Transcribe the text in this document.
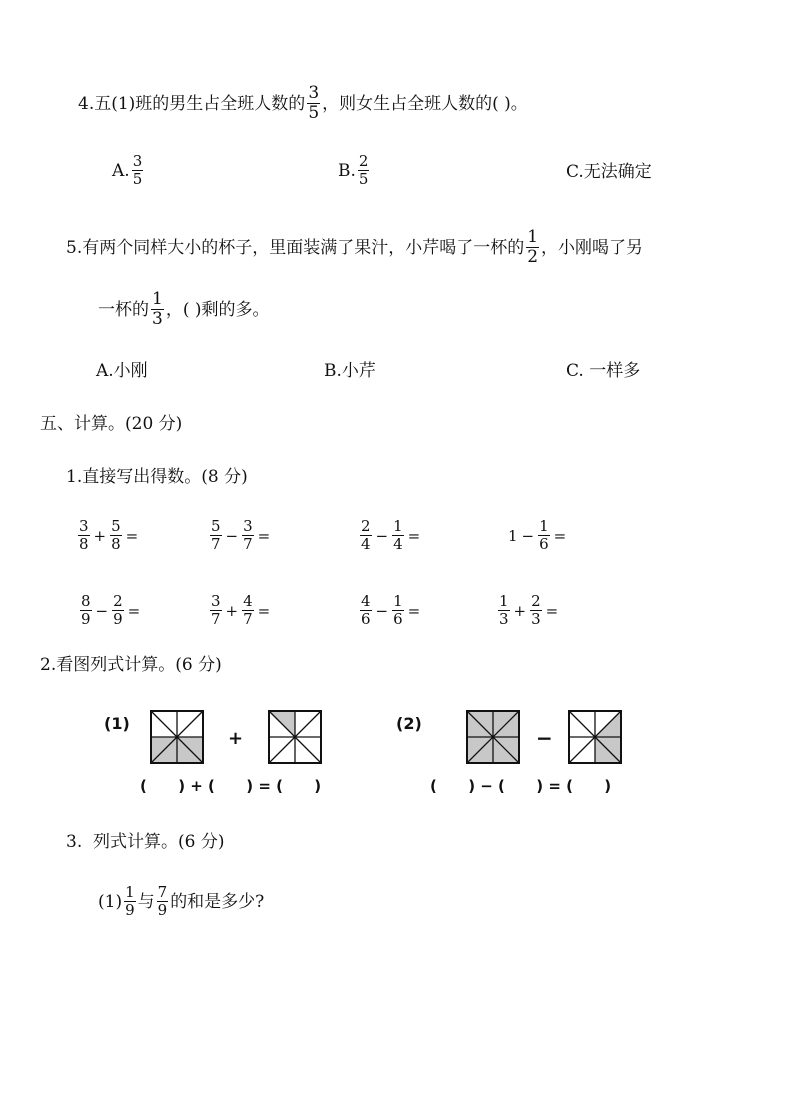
4.五(1)班的男生占全班人数的 $\frac{3}{5}$ ，则女生占全班人数的( )。
A. $\frac{3}{5}$	B. $\frac{2}{5}$	C.无法确定
5.有两个同样大小的杯子，里面装满了果汁，小芹喝了一杯的 $\frac{1}{2}$ ，小刚喝了另
一杯的 $\frac{1}{3}$ ，( )剩的多。
A.小刚	B.小芹	C. 一样多
五、计算。(20 分)
1.直接写出得数。(8 分)
$\frac{3}{8} + \frac{5}{8}$ =	$\frac{5}{7} - \frac{3}{7}$ =	$\frac{2}{4} - \frac{1}{4}$ =	$1 - \frac{1}{6}$ =
$\frac{8}{9} - \frac{2}{9}$ =	$\frac{3}{7} + \frac{4}{7}$ =	$\frac{4}{6} - \frac{1}{6}$ =	$\frac{1}{3} + \frac{2}{3}$ =
2.看图列式计算。(6 分)
(1)
+
(      ) + (      ) = (      )
(2)
−
(      ) − (      ) = (      )
3.  列式计算。(6 分)
$(1) \frac{1}{9}$ 与 $\frac{7}{9}$ 的和是多少?
